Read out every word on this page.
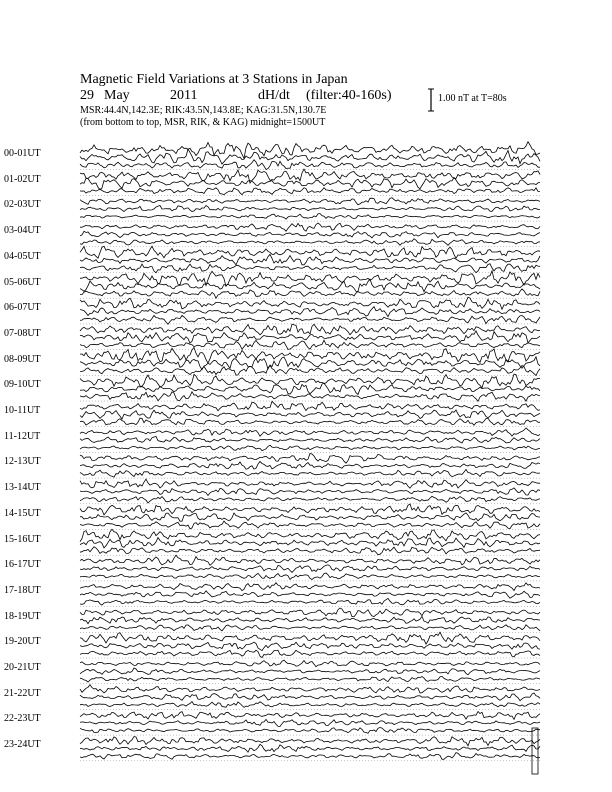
Magnetic Field Variations at 3 Stations in Japan
29 May	2011	dH/dt (filter:40-160s)
MSR:44.4N,142.3E; RIK:43.5N,143.8E; KAG:31.5N,130.7E
(from bottom to top, MSR, RIK, & KAG) midnight=1500UT
1.00 nT at T=80s
00-01UT
01-02UT
02-03UT
03-04UT
04-05UT
05-06UT
06-07UT
07-08UT
08-09UT
09-10UT
10-11UT
11-12UT
12-13UT
13-14UT
14-15UT
15-16UT
16-17UT
17-18UT
18-19UT
19-20UT
20-21UT
21-22UT
22-23UT
23-24UT
